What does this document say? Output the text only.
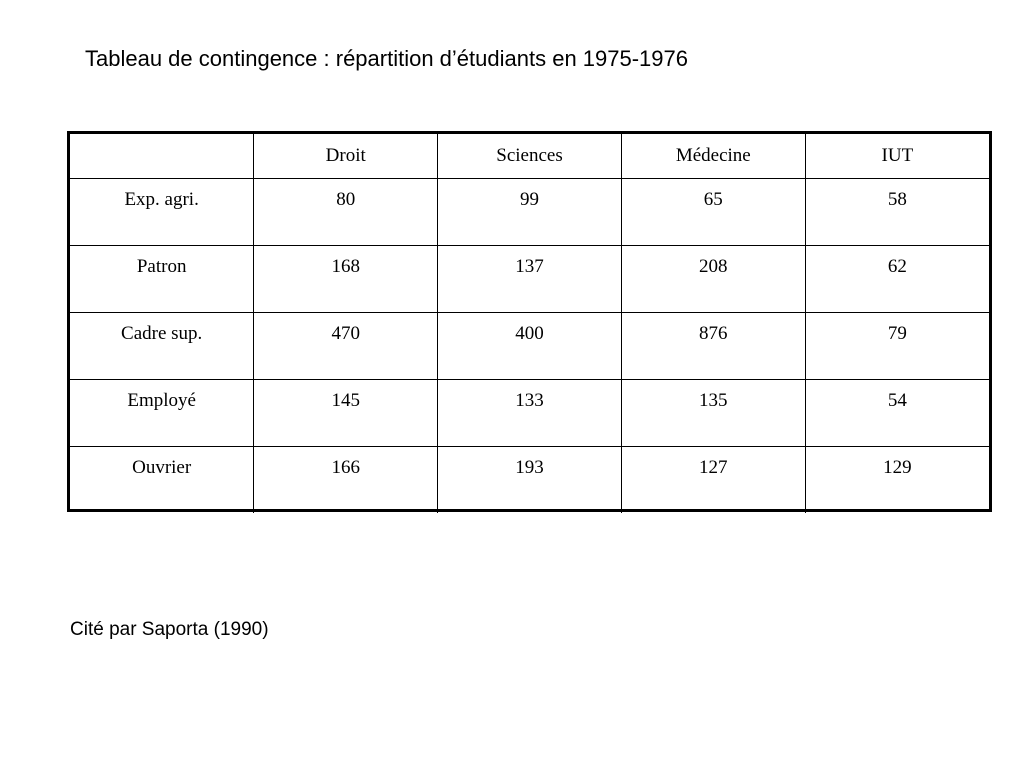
Tableau de contingence : répartition d’étudiants en 1975-1976
	Droit	Sciences	Médecine	IUT
Exp. agri.	80	99	65	58
Patron	168	137	208	62
Cadre sup.	470	400	876	79
Employé	145	133	135	54
Ouvrier	166	193	127	129
Cité par Saporta (1990)
